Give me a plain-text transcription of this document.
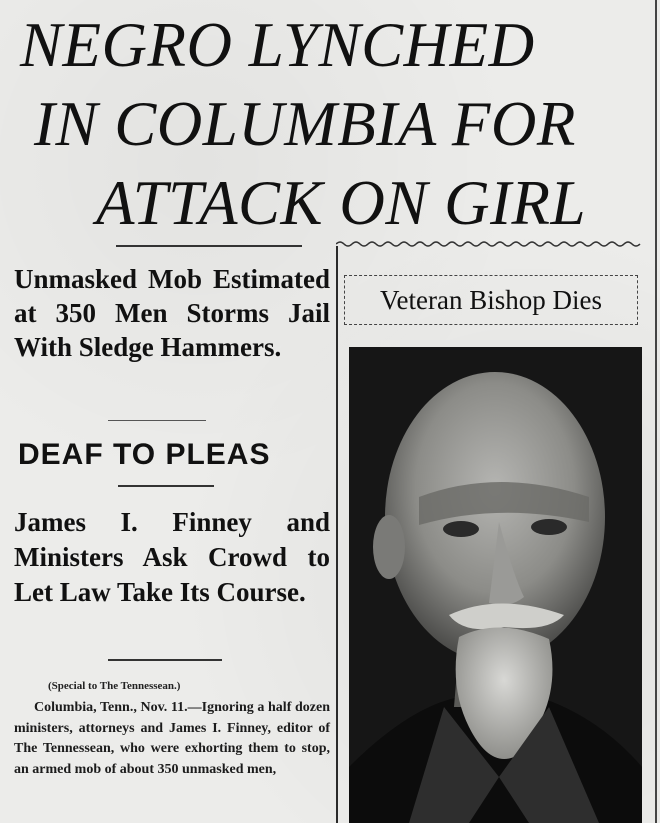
NEGRO LYNCHED
IN COLUMBIA FOR
ATTACK ON GIRL

Unmasked Mob Estimated at 350 Men Storms Jail With Sledge Hammers.

DEAF TO PLEAS

James I. Finney and Ministers Ask Crowd to Let Law Take Its Course.

(Special to The Tennessean.)

Columbia, Tenn., Nov. 11.—Ignoring a half dozen ministers, attorneys and James I. Finney, editor of The Tennessean, who were exhorting them to stop, an armed mob of about 350 unmasked men,

Veteran Bishop Dies
